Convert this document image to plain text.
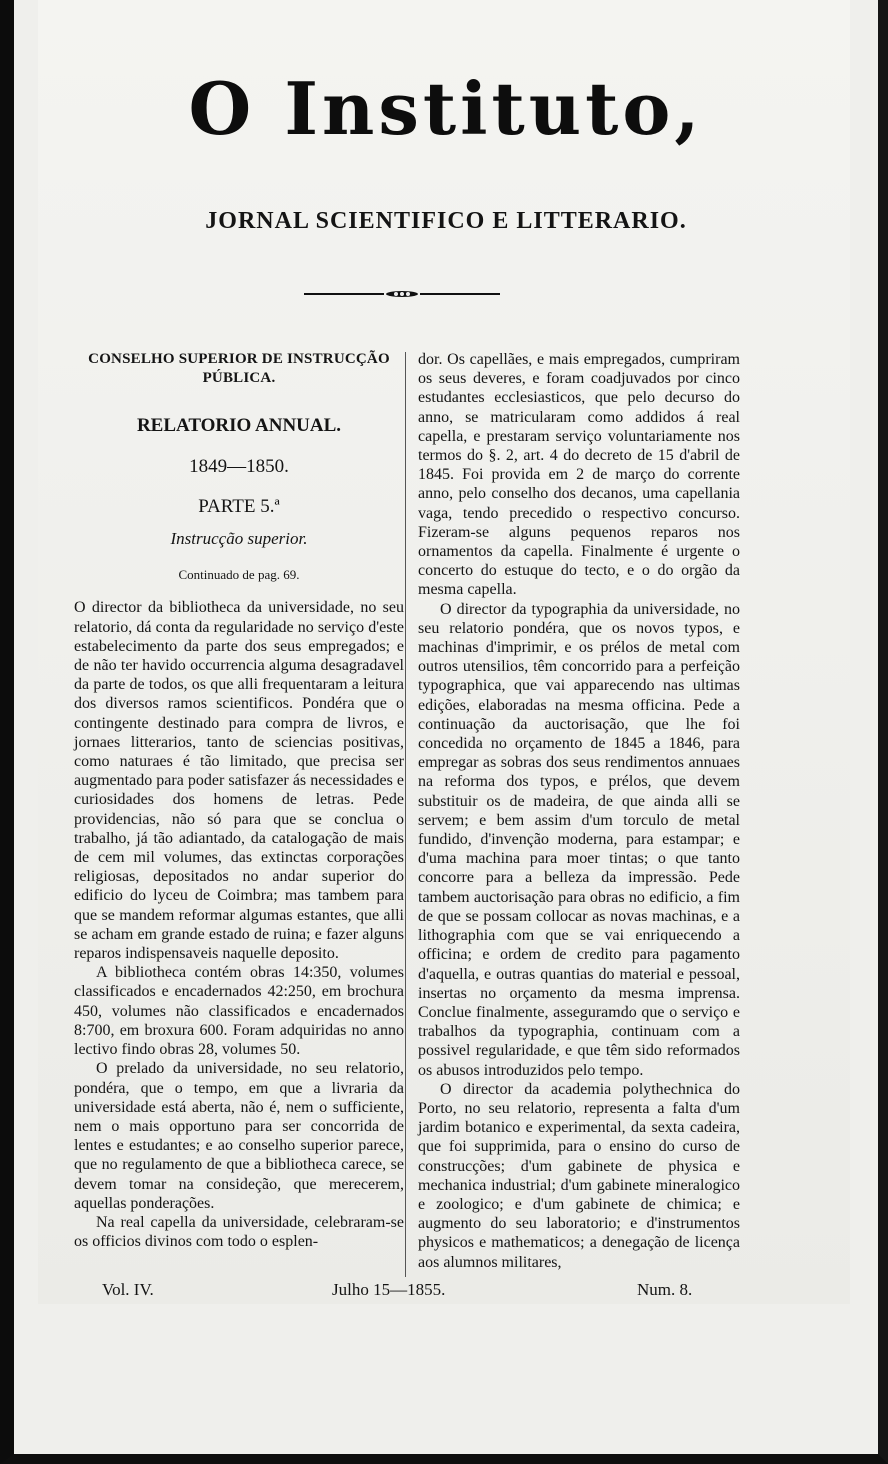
O Instituto,
JORNAL SCIENTIFICO E LITTERARIO.
CONSELHO SUPERIOR DE INSTRUCÇÃO PÚBLICA.
RELATORIO ANNUAL.
1849—1850.
PARTE 5.ª
Instrucção superior.
Continuado de pag. 69.

O director da bibliotheca da universidade, no seu relatorio, dá conta da regularidade no serviço d'este estabelecimento da parte dos seus empregados; e de não ter havido occurrencia alguma desagradavel da parte de todos, os que alli frequentaram a leitura dos diversos ramos scientificos. Pondéra que o contingente destinado para compra de livros, e jornaes litterarios, tanto de sciencias positivas, como naturaes é tão limitado, que precisa ser augmentado para poder satisfazer ás necessidades e curiosidades dos homens de letras. Pede providencias, não só para que se conclua o trabalho, já tão adiantado, da catalogação de mais de cem mil volumes, das extinctas corporações religiosas, depositados no andar superior do edificio do lyceu de Coimbra; mas tambem para que se mandem reformar algumas estantes, que alli se acham em grande estado de ruina; e fazer alguns reparos indispensaveis naquelle deposito.

A bibliotheca contém obras 14:350, volumes classificados e encadernados 42:250, em brochura 450, volumes não classificados e encadernados 8:700, em broxura 600. Foram adquiridas no anno lectivo findo obras 28, volumes 50.

O prelado da universidade, no seu relatorio, pondéra, que o tempo, em que a livraria da universidade está aberta, não é, nem o sufficiente, nem o mais opportuno para ser concorrida de lentes e estudantes; e ao conselho superior parece, que no regulamento de que a bibliotheca carece, se devem tomar na consideção, que merecerem, aquellas ponderações.

Na real capella da universidade, celebraram-se os officios divinos com todo o esplen-

dor. Os capellães, e mais empregados, cumpriram os seus deveres, e foram coadjuvados por cinco estudantes ecclesiasticos, que pelo decurso do anno, se matricularam como addidos á real capella, e prestaram serviço voluntariamente nos termos do §. 2, art. 4 do decreto de 15 d'abril de 1845. Foi provida em 2 de março do corrente anno, pelo conselho dos decanos, uma capellania vaga, tendo precedido o respectivo concurso. Fizeram-se alguns pequenos reparos nos ornamentos da capella. Finalmente é urgente o concerto do estuque do tecto, e o do orgão da mesma capella.

O director da typographia da universidade, no seu relatorio pondéra, que os novos typos, e machinas d'imprimir, e os prélos de metal com outros utensilios, têm concorrido para a perfeição typographica, que vai apparecendo nas ultimas edições, elaboradas na mesma officina. Pede a continuação da auctorisação, que lhe foi concedida no orçamento de 1845 a 1846, para empregar as sobras dos seus rendimentos annuaes na reforma dos typos, e prélos, que devem substituir os de madeira, de que ainda alli se servem; e bem assim d'um torculo de metal fundido, d'invenção moderna, para estampar; e d'uma machina para moer tintas; o que tanto concorre para a belleza da impressão. Pede tambem auctorisação para obras no edificio, a fim de que se possam collocar as novas machinas, e a lithographia com que se vai enriquecendo a officina; e ordem de credito para pagamento d'aquella, e outras quantias do material e pessoal, insertas no orçamento da mesma imprensa. Conclue finalmente, asseguramdo que o serviço e trabalhos da typographia, continuam com a possivel regularidade, e que têm sido reformados os abusos introduzidos pelo tempo.

O director da academia polythechnica do Porto, no seu relatorio, representa a falta d'um jardim botanico e experimental, da sexta cadeira, que foi supprimida, para o ensino do curso de construcções; d'um gabinete de physica e mechanica industrial; d'um gabinete mineralogico e zoologico; e d'um gabinete de chimica; e augmento do seu laboratorio; e d'instrumentos physicos e mathematicos; a denegação de licença aos alumnos militares,

Vol. IV.	Julho 15—1855.	Num. 8.
